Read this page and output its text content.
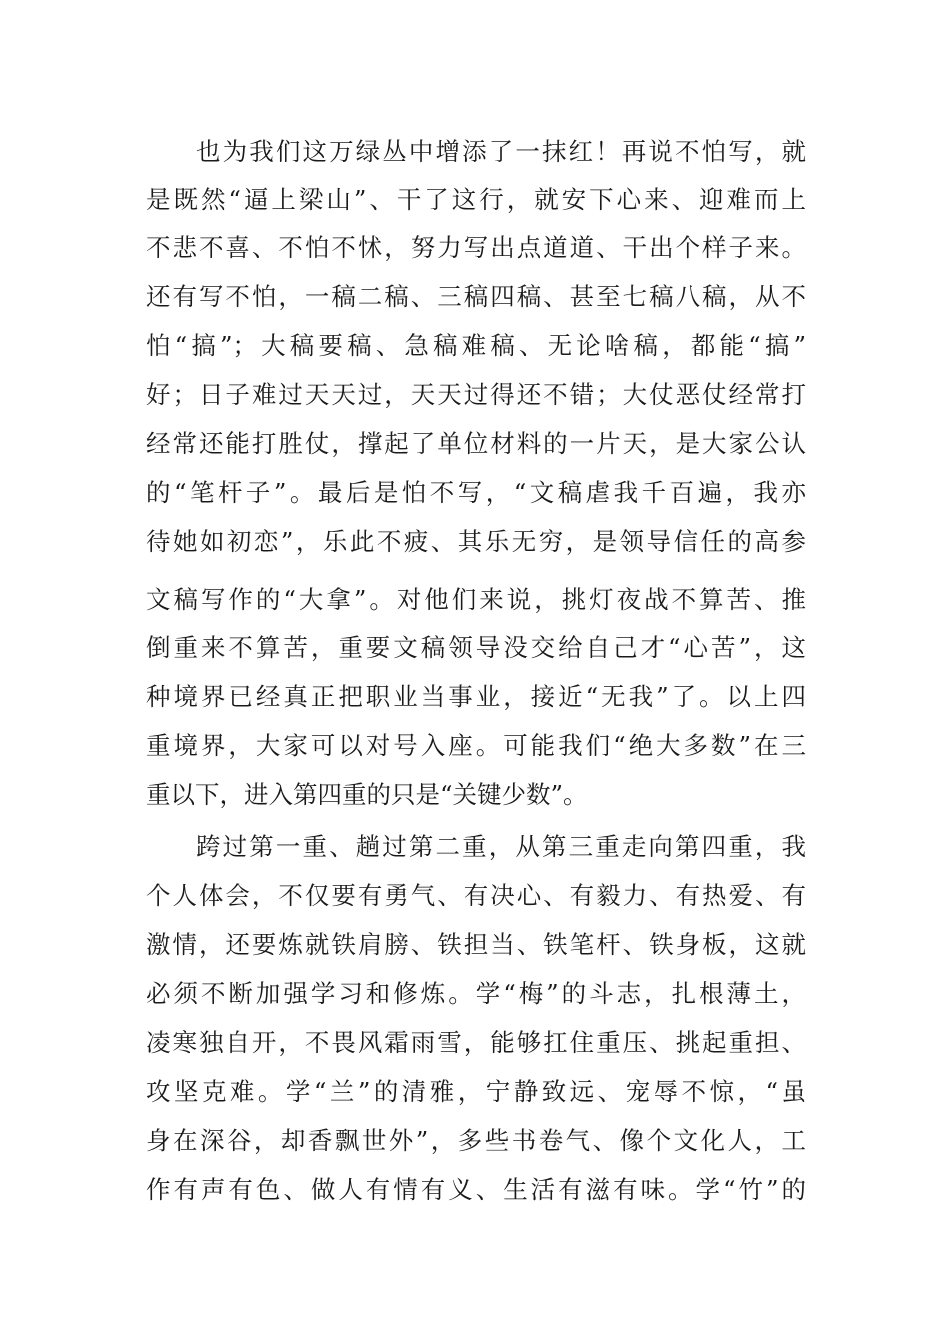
也为我们这万绿丛中增添了一抹红！再说不怕写，就
是既然“逼上梁山”、干了这行，就安下心来、迎难而上
不悲不喜、不怕不怵，努力写出点道道、干出个样子来。
还有写不怕，一稿二稿、三稿四稿、甚至七稿八稿，从不
怕“搞”；大稿要稿、急稿难稿、无论啥稿，都能“搞”
好；日子难过天天过，天天过得还不错；大仗恶仗经常打
经常还能打胜仗，撑起了单位材料的一片天，是大家公认
的“笔杆子”。最后是怕不写，“文稿虐我千百遍，我亦
待她如初恋”，乐此不疲、其乐无穷，是领导信任的高参
文稿写作的“大拿”。对他们来说，挑灯夜战不算苦、推
倒重来不算苦，重要文稿领导没交给自己才“心苦”，这
种境界已经真正把职业当事业，接近“无我”了。以上四
重境界，大家可以对号入座。可能我们“绝大多数”在三
重以下，进入第四重的只是“关键少数”。
跨过第一重、趟过第二重，从第三重走向第四重，我
个人体会，不仅要有勇气、有决心、有毅力、有热爱、有
激情，还要炼就铁肩膀、铁担当、铁笔杆、铁身板，这就
必须不断加强学习和修炼。学“梅”的斗志，扎根薄土，
凌寒独自开，不畏风霜雨雪，能够扛住重压、挑起重担、
攻坚克难。学“兰”的清雅，宁静致远、宠辱不惊，“虽
身在深谷，却香飘世外”，多些书卷气、像个文化人，工
作有声有色、做人有情有义、生活有滋有味。学“竹”的
